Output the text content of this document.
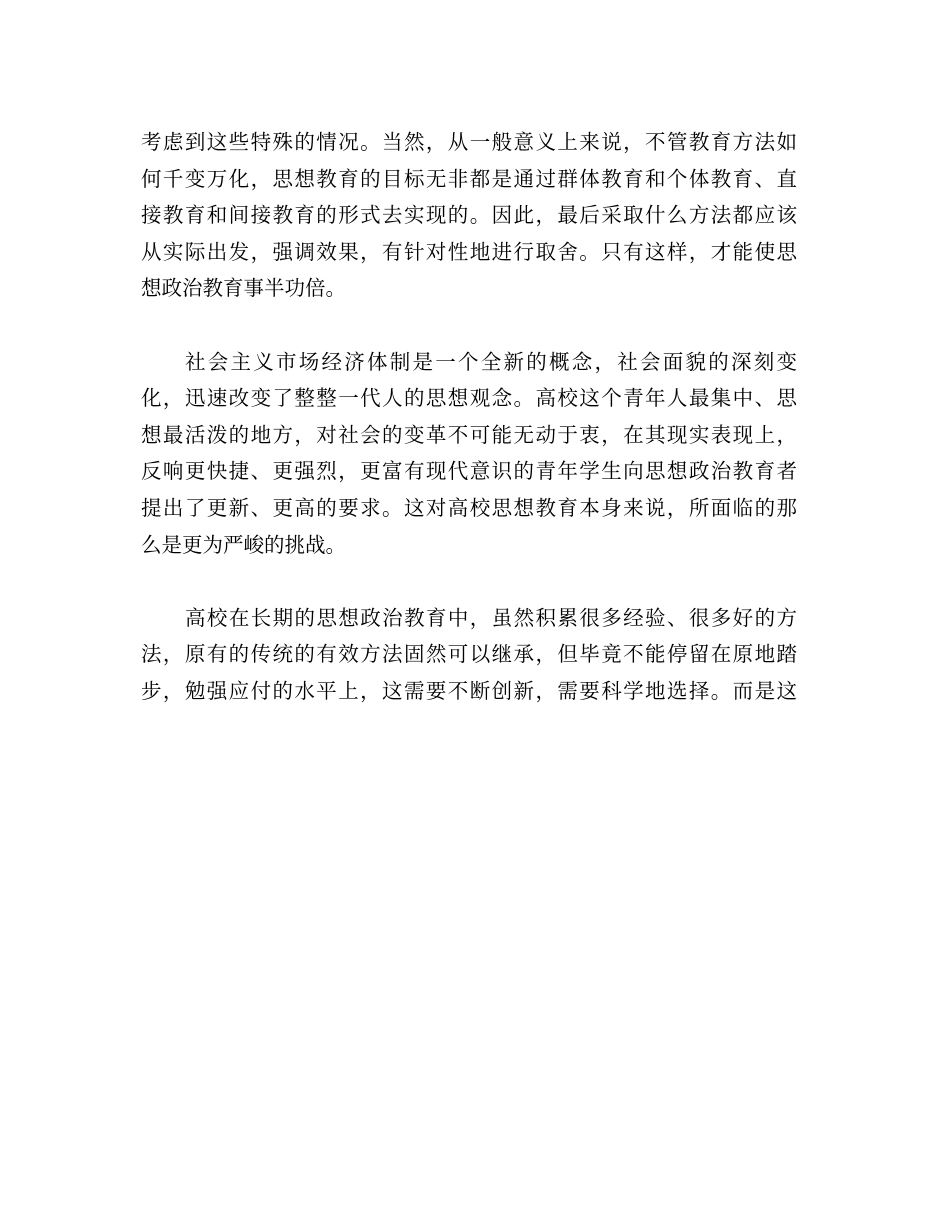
考虑到这些特殊的情况。当然，从一般意义上来说，不管教育方法如
何千变万化，思想教育的目标无非都是通过群体教育和个体教育、直
接教育和间接教育的形式去实现的。因此，最后采取什么方法都应该
从实际出发，强调效果，有针对性地进行取舍。只有这样，才能使思
想政治教育事半功倍。
社会主义市场经济体制是一个全新的概念，社会面貌的深刻变
化，迅速改变了整整一代人的思想观念。高校这个青年人最集中、思
想最活泼的地方，对社会的变革不可能无动于衷，在其现实表现上，
反响更快捷、更强烈，更富有现代意识的青年学生向思想政治教育者
提出了更新、更高的要求。这对高校思想教育本身来说，所面临的那
么是更为严峻的挑战。
高校在长期的思想政治教育中，虽然积累很多经验、很多好的方
法，原有的传统的有效方法固然可以继承，但毕竟不能停留在原地踏
步，勉强应付的水平上，这需要不断创新，需要科学地选择。而是这
